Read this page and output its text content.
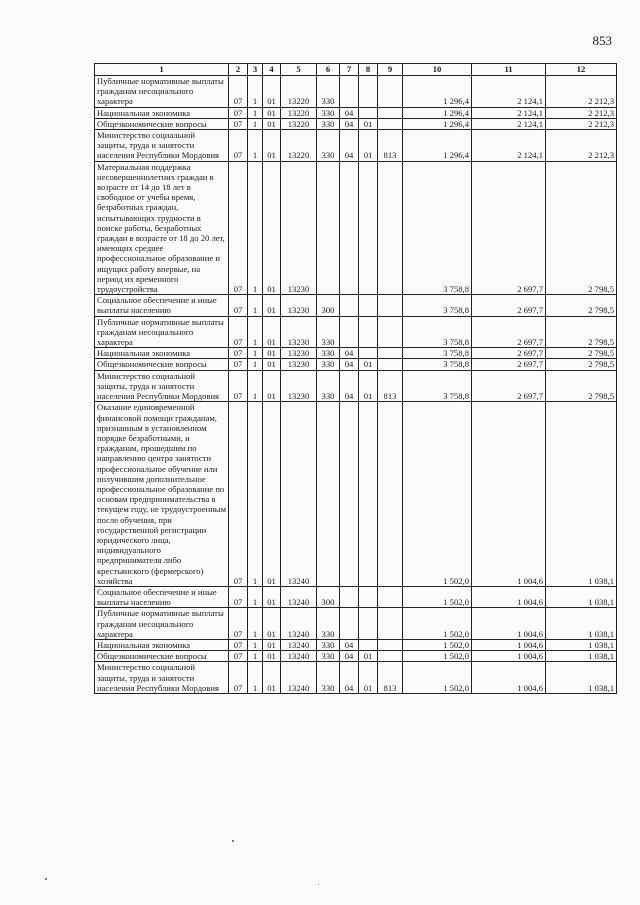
853
1	2	3	4	5	6	7	8	9	10	11	12
Публичные нормативные выплаты гражданам несоциального характера	07	1	01	13220	330				1 296,4	2 124,1	2 212,3
Национальная экономика	07	1	01	13220	330	04			1 296,4	2 124,1	2 212,3
Общеэкономические вопросы	07	1	01	13220	330	04	01		1 296,4	2 124,1	2 212,3
Министерство социальной защиты, труда и занятости населения Республики Мордовия	07	1	01	13220	330	04	01	813	1 296,4	2 124,1	2 212,3
Материальная поддержка несовершеннолетних граждан в возрасте от 14 до 18 лет в свободное от учебы время, безработных граждан, испытывающих трудности в поиске работы, безработных граждан в возрасте от 18 до 20 лет, имеющих среднее профессиональное образование и ищущих работу впервые, на период их временного трудоустройства	07	1	01	13230					3 758,8	2 697,7	2 798,5
Социальное обеспечение и иные выплаты населению	07	1	01	13230	300				3 758,8	2 697,7	2 798,5
Публичные нормативные выплаты гражданам несоциального характера	07	1	01	13230	330				3 758,8	2 697,7	2 798,5
Национальная экономика	07	1	01	13230	330	04			3 758,8	2 697,7	2 798,5
Общеэкономические вопросы	07	1	01	13230	330	04	01		3 758,8	2 697,7	2 798,5
Министерство социальной защиты, труда и занятости населения Республики Мордовия	07	1	01	13230	330	04	01	813	3 758,8	2 697,7	2 798,5
Оказание единовременной финансовой помощи гражданам, признанным в установленном порядке безработными, и гражданам, прошедшим по направлению центра занятости профессиональное обучение или получившим дополнительное профессиональное образование по основам предпринимательства в текущем году, не трудоустроенным после обучения, при государственной регистрации юридического лица, индивидуального предпринимателя либо крестьянского (фермерского) хозяйства	07	1	01	13240					1 502,0	1 004,6	1 038,1
Социальное обеспечение и иные выплаты населению	07	1	01	13240	300				1 502,0	1 004,6	1 038,1
Публичные нормативные выплаты гражданам несоциального характера	07	1	01	13240	330				1 502,0	1 004,6	1 038,1
Национальная экономика	07	1	01	13240	330	04			1 502,0	1 004,6	1 038,1
Общеэкономические вопросы	07	1	01	13240	330	04	01		1 502,0	1 004,6	1 038,1
Министерство социальной защиты, труда и занятости населения Республики Мордовия	07	1	01	13240	330	04	01	813	1 502,0	1 004,6	1 038,1
